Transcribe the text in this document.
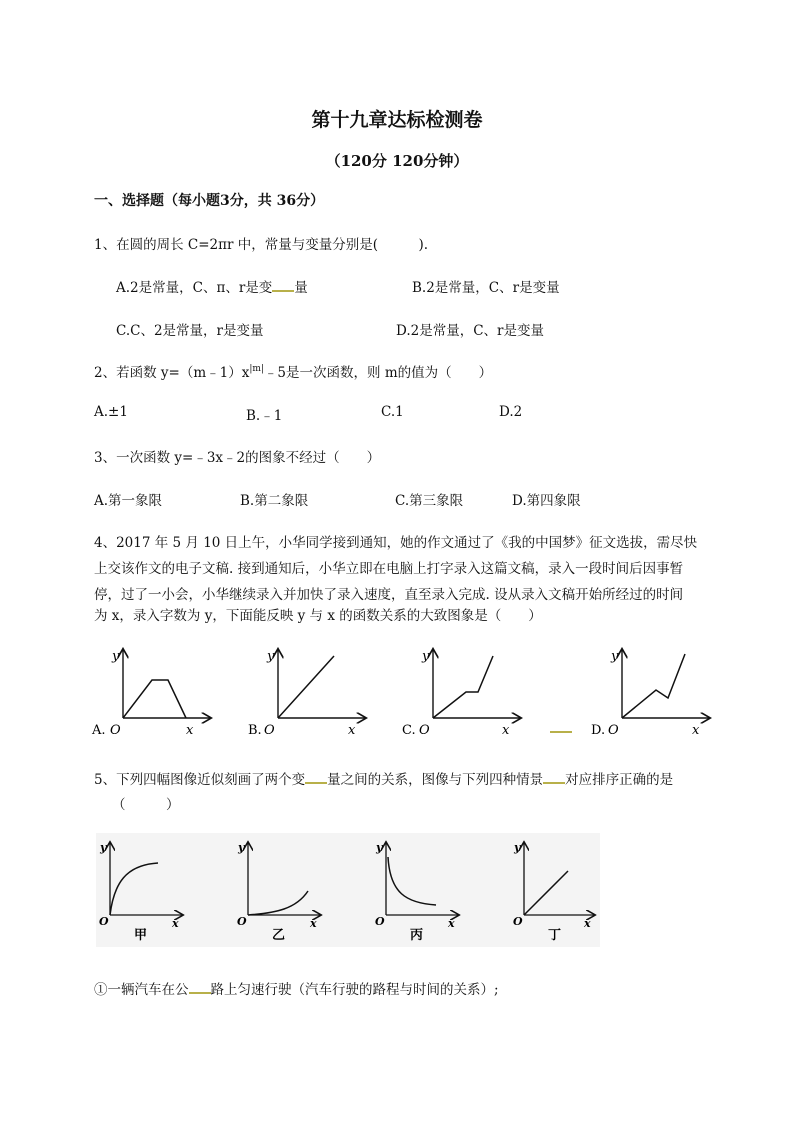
第十九章达标检测卷
（120分 120分钟）
一、选择题（每小题3分，共 36分）
1、在圆的周长 C=2πr 中，常量与变量分别是(　　　).
A.2是常量，C、π、r是变 量	B.2是常量，C、r是变量
C.C、2是常量，r是变量	D.2是常量，C、r是变量
2、若函数 $y=(m﹣1)x^{|m|}﹣5$是一次函数，则 m的值为（　　）
A.±1	B.﹣1	C.1	D.2
3、一次函数 y=﹣3x﹣2的图象不经过（　　）
A.第一象限	B.第二象限	C.第三象限	D.第四象限
4、2017 年 5 月 10 日上午，小华同学接到通知，她的作文通过了《我的中国梦》征文选拔，需尽快
上交该作文的电子文稿. 接到通知后，小华立即在电脑上打字录入这篇文稿，录入一段时间后因事暂
停，过了一小会，小华继续录入并加快了录入速度，直至录入完成. 设从录入文稿开始所经过的时间
为 x，录入字数为 y，下面能反映 y 与 x 的函数关系的大致图象是（　　）
A. O
y
x	B. O
y
x	C. O
y
x	D. O
y
x
5、下列四幅图像近似刻画了两个变 量之间的关系，图像与下列四种情景 对应排序正确的是
（　　　）
y
O	x
甲
y
O	x
乙
y
O	x
丙
y
O	x
丁
①一辆汽车在公 路上匀速行驶（汽车行驶的路程与时间的关系）;
